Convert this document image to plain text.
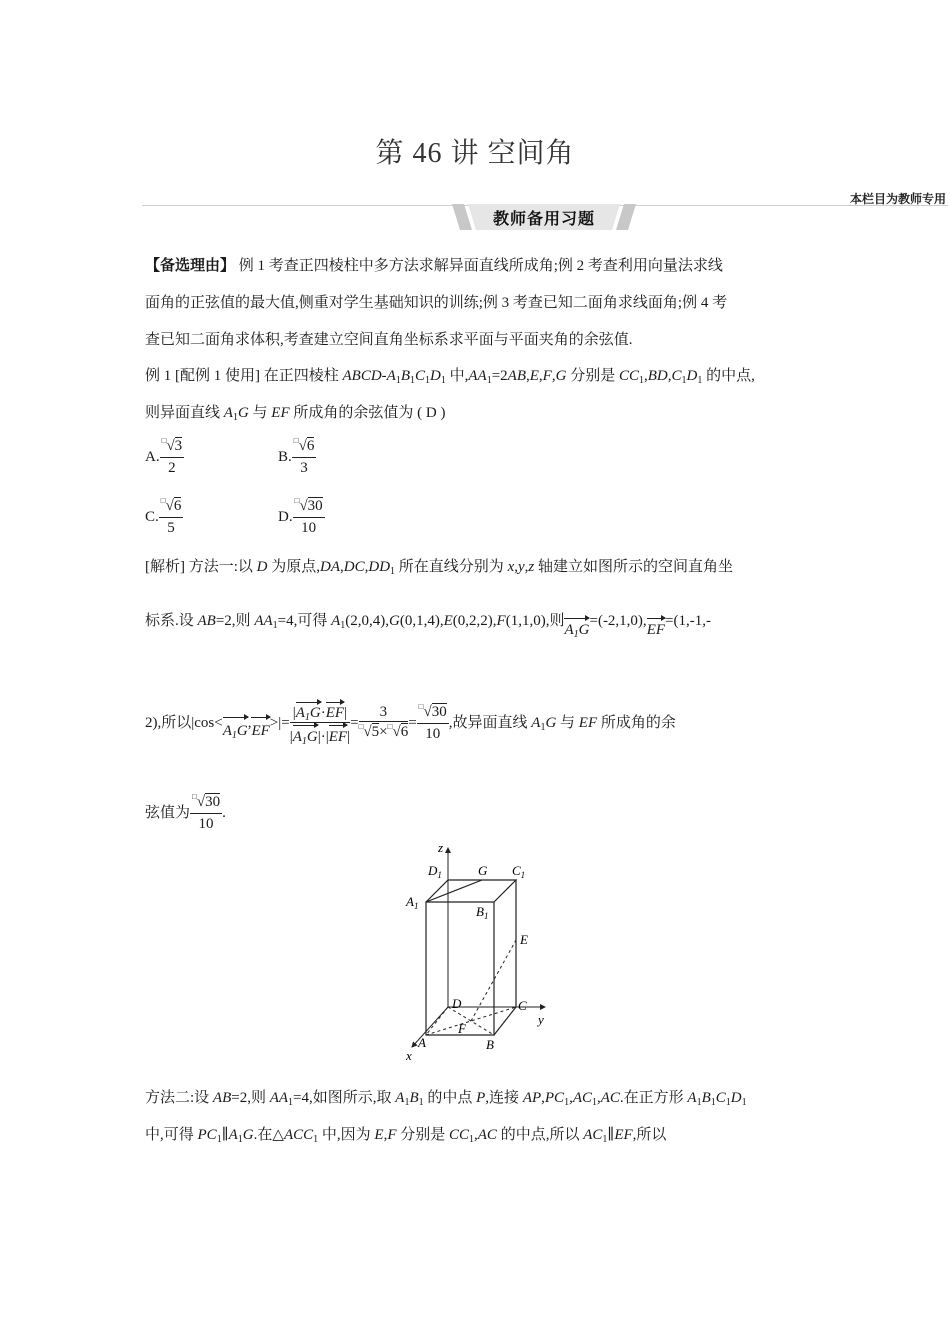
第 46 讲 空间角
本栏目为教师专用
教师备用习题
【备选理由】 例 1 考查正四棱柱中多方法求解异面直线所成角;例 2 考查利用向量法求线
面角的正弦值的最大值,侧重对学生基础知识的训练;例 3 考查已知二面角求线面角;例 4 考
查已知二面角求体积,考查建立空间直角坐标系求平面与平面夹角的余弦值.
例 1 [配例 1 使用] 在正四棱柱 ABCD-$A_1B_1C_1D_1$ 中$,AA_1=2AB,E,F,G$ 分别是 $CC_1,BD,C_1D_1$ 的中点,
则异面直线 $A_1G$ 与 EF 所成角的余弦值为 ( D )
A. $\frac{^□√3}{2}$	B. $\frac{^□√6}{3}$
C. $\frac{^□√6}{5}$	D. $\frac{^□√30}{10}$
[解析] 方法一:以 D 为原点$,DA,DC,DD_1$ 所在直线分别为 x,y,z 轴建立如图所示的空间直角坐
标系.设 AB=2,则 $AA_1=4$,可得 $A_1(2,0,4),G(0,1,4),E(0,2,2),F(1,1,0)$,则$A_1G=(-2,1,0),EF=(1,-1,-$
2),所以$|\cos<A_1G,EF>|= \frac{|A_1G\cdot EF|}{|A_1G|\cdot|EF|} = \frac{3}{^□√5\times^□√6} = \frac{^□√30}{10}$ ,故异面直线 $A_1G$ 与 EF 所成角的余
弦值为 $\frac{^□√30}{10}$ .
z
y
x
$D_1$	G $C_1$
$A_1$	$B_1$
E
D	C
F
A	B
方法二:设 AB=2,则 $AA_1=4$,如图所示,取 $A_1B_1$ 的中点 P,连接 $AP,PC_1,AC_1,AC$.在正方形 $A_1B_1C_1D_1$
中,可得 $PC_1\parallel A_1G$.在$\triangle ACC_1$ 中,因为 E,F 分别是 $CC_1,AC$ 的中点,所以 $AC_1\parallel EF$,所以
